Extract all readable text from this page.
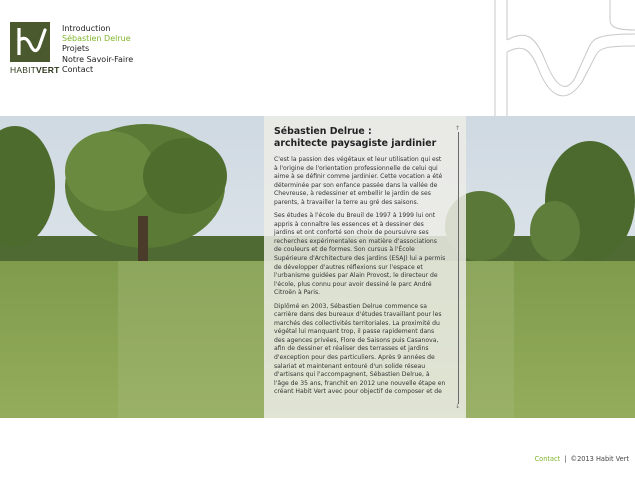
HABITVERT
Introduction
Sébastien Delrue
Projets
Notre Savoir-Faire
Contact
Sébastien Delrue :
architecte paysagiste jardinier

C'est la passion des végétaux et leur utilisation qui est à l'origine de l'orientation professionnelle de celui qui aime à se définir comme jardinier. Cette vocation a été déterminée par son enfance passée dans la vallée de Chevreuse, à redessiner et embellir le jardin de ses parents, à travailler la terre au gré des saisons.

Ses études à l'école du Breuil de 1997 à 1999 lui ont appris à connaître les essences et à dessiner des jardins et ont conforté son choix de poursuivre ses recherches expérimentales en matière d'associations de couleurs et de formes. Son cursus à l'École Supérieure d'Architecture des jardins (ESAJ) lui a permis de développer d'autres réflexions sur l'espace et l'urbanisme guidées par Alain Provost, le directeur de l'école, plus connu pour avoir dessiné le parc André Citroën à Paris.

Diplômé en 2003, Sébastien Delrue commence sa carrière dans des bureaux d'études travaillant pour les marchés des collectivités territoriales. La proximité du végétal lui manquant trop, il passe rapidement dans des agences privées, Flore de Saisons puis Casanova, afin de dessiner et réaliser des terrasses et jardins d'exception pour des particuliers. Après 9 années de salariat et maintenant entouré d'un solide réseau d'artisans qui l'accompagnent, Sébastien Delrue, à l'âge de 35 ans, franchit en 2012 une nouvelle étape en créant Habit Vert avec pour objectif de composer et de

↑
↓
Contact | ©2013 Habit Vert
